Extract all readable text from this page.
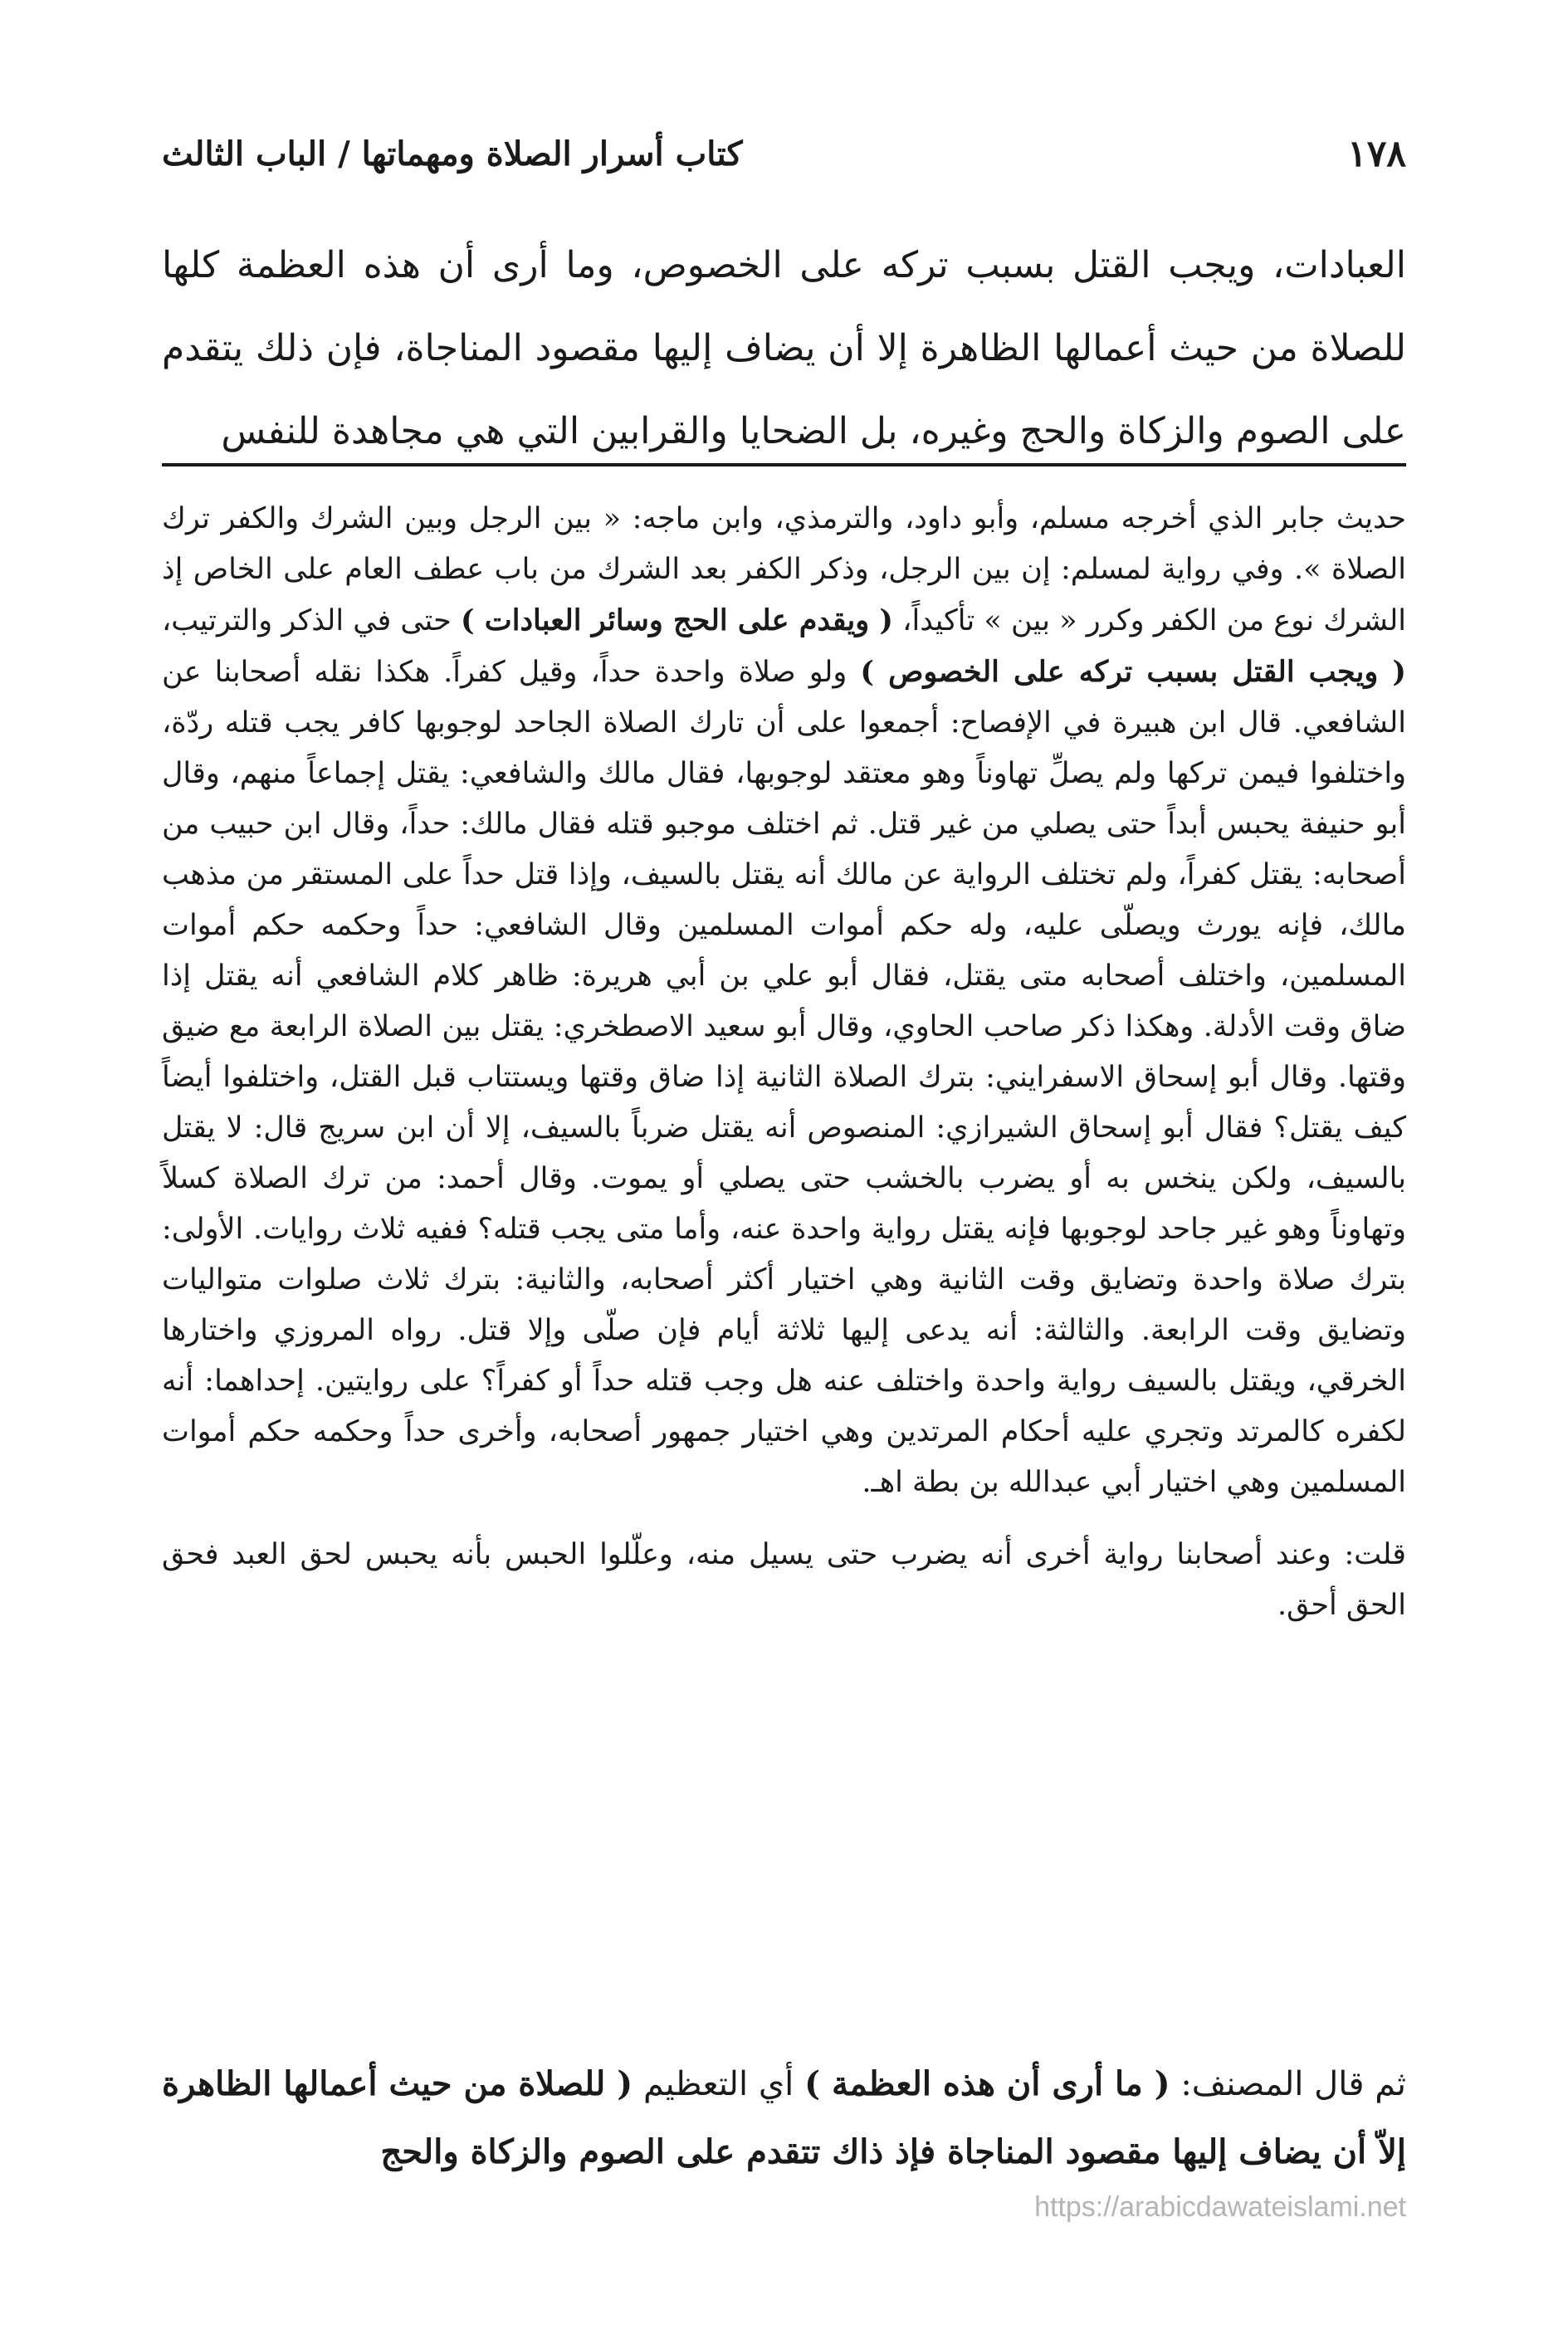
١٧٨
كتاب أسرار الصلاة ومهماتها / الباب الثالث

العبادات، ويجب القتل بسبب تركه على الخصوص، وما أرى أن هذه العظمة كلها للصلاة من حيث أعمالها الظاهرة إلا أن يضاف إليها مقصود المناجاة، فإن ذلك يتقدم على الصوم والزكاة والحج وغيره، بل الضحايا والقرابين التي هي مجاهدة للنفس

حديث جابر الذي أخرجه مسلم، وأبو داود، والترمذي، وابن ماجه: « بين الرجل وبين الشرك والكفر ترك الصلاة ». وفي رواية لمسلم: إن بين الرجل، وذكر الكفر بعد الشرك من باب عطف العام على الخاص إذ الشرك نوع من الكفر وكرر « بين » تأكيداً، ( ويقدم على الحج وسائر العبادات ) حتى في الذكر والترتيب، ( ويجب القتل بسبب تركه على الخصوص ) ولو صلاة واحدة حداً، وقيل كفراً. هكذا نقله أصحابنا عن الشافعي. قال ابن هبيرة في الإفصاح: أجمعوا على أن تارك الصلاة الجاحد لوجوبها كافر يجب قتله ردّة، واختلفوا فيمن تركها ولم يصلِّ تهاوناً وهو معتقد لوجوبها، فقال مالك والشافعي: يقتل إجماعاً منهم، وقال أبو حنيفة يحبس أبداً حتى يصلي من غير قتل. ثم اختلف موجبو قتله فقال مالك: حداً، وقال ابن حبيب من أصحابه: يقتل كفراً، ولم تختلف الرواية عن مالك أنه يقتل بالسيف، وإذا قتل حداً على المستقر من مذهب مالك، فإنه يورث ويصلّى عليه، وله حكم أموات المسلمين وقال الشافعي: حداً وحكمه حكم أموات المسلمين، واختلف أصحابه متى يقتل، فقال أبو علي بن أبي هريرة: ظاهر كلام الشافعي أنه يقتل إذا ضاق وقت الأدلة. وهكذا ذكر صاحب الحاوي، وقال أبو سعيد الاصطخري: يقتل بين الصلاة الرابعة مع ضيق وقتها. وقال أبو إسحاق الاسفرايني: بترك الصلاة الثانية إذا ضاق وقتها ويستتاب قبل القتل، واختلفوا أيضاً كيف يقتل؟ فقال أبو إسحاق الشيرازي: المنصوص أنه يقتل ضرباً بالسيف، إلا أن ابن سريج قال: لا يقتل بالسيف، ولكن ينخس به أو يضرب بالخشب حتى يصلي أو يموت. وقال أحمد: من ترك الصلاة كسلاً وتهاوناً وهو غير جاحد لوجوبها فإنه يقتل رواية واحدة عنه، وأما متى يجب قتله؟ ففيه ثلاث روايات. الأولى: بترك صلاة واحدة وتضايق وقت الثانية وهي اختيار أكثر أصحابه، والثانية: بترك ثلاث صلوات متواليات وتضايق وقت الرابعة. والثالثة: أنه يدعى إليها ثلاثة أيام فإن صلّى وإلا قتل. رواه المروزي واختارها الخرقي، ويقتل بالسيف رواية واحدة واختلف عنه هل وجب قتله حداً أو كفراً؟ على روايتين. إحداهما: أنه لكفره كالمرتد وتجري عليه أحكام المرتدين وهي اختيار جمهور أصحابه، وأخرى حداً وحكمه حكم أموات المسلمين وهي اختيار أبي عبدالله بن بطة اهـ.

قلت: وعند أصحابنا رواية أخرى أنه يضرب حتى يسيل منه، وعلّلوا الحبس بأنه يحبس لحق العبد فحق الحق أحق.

ثم قال المصنف: ( ما أرى أن هذه العظمة ) أي التعظيم ( للصلاة من حيث أعمالها الظاهرة إلاّ أن يضاف إليها مقصود المناجاة فإذ ذاك تتقدم على الصوم والزكاة والحج

https://arabicdawateislami.net
